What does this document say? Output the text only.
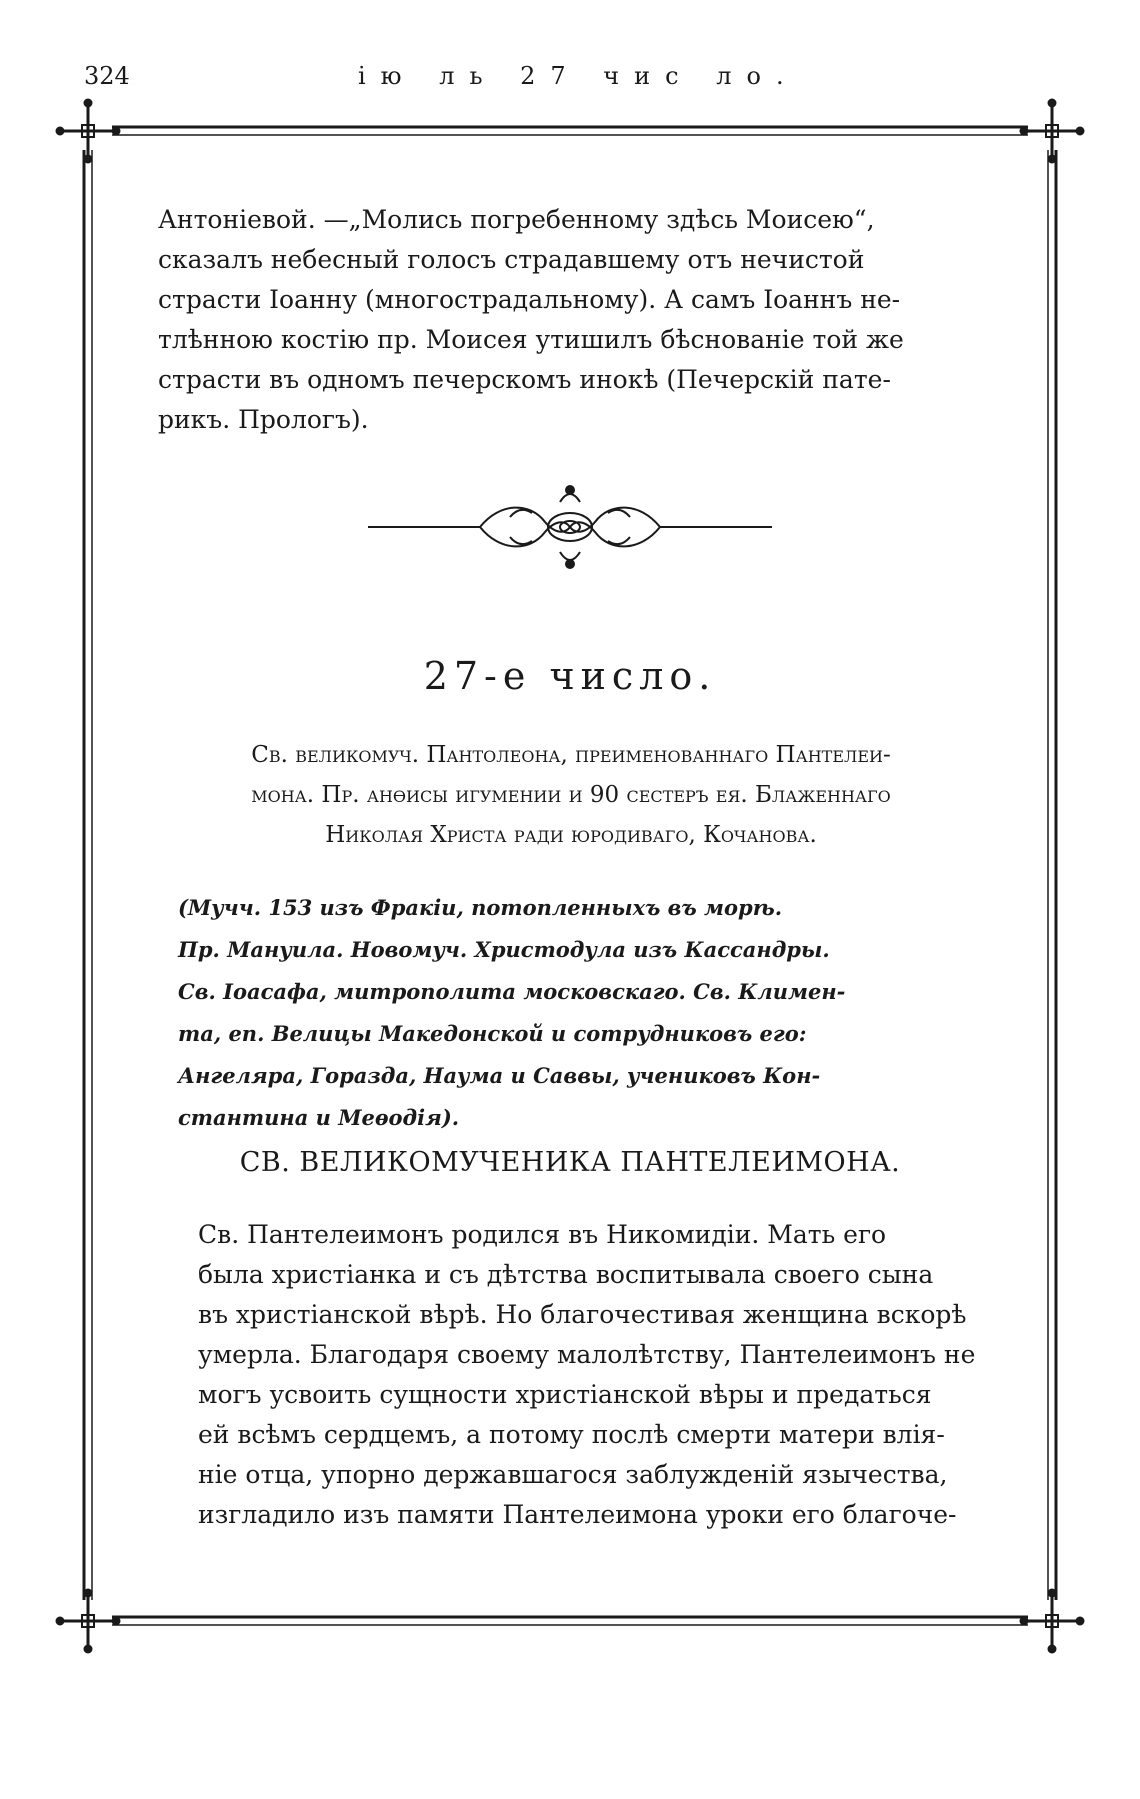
324	ію ль 27 чис ло.
Антоніевой. —„Молись погребенному здѣсь Моисею“,
сказалъ небесный голосъ страдавшему отъ нечистой
страсти Іоанну (многострадальному). А самъ Іоаннъ не-
тлѣнною костію пр. Моисея утишилъ бѣснованіе той же
страсти въ одномъ печерскомъ инокѣ (Печерскій пате-
рикъ. Прологъ).
27-е число.
Св. великомуч. Пантолеона, преименованнаго Пантелеи-
мона. Пр. анѳисы игумении и 90 сестеръ ея. Блаженнаго
Николая Христа ради юродиваго, Кочанова.
(Мучч. 153 изъ Фракіи, потопленныхъ въ морѣ.
Пр. Мануила. Новомуч. Христодула изъ Кассандры.
Св. Іоасафа, митрополита московскаго. Св. Климен-
та, еп. Велицы Македонской и сотрудниковъ его:
Ангеляра, Горазда, Наума и Саввы, учениковъ Кон-
стантина и Меѳодія).
СВ. ВЕЛИКОМУЧЕНИКА ПАНТЕЛЕИМОНА.
Св. Пантелеимонъ родился въ Никомидіи. Мать его
была христіанка и съ дѣтства воспитывала своего сына
въ христіанской вѣрѣ. Но благочестивая женщина вскорѣ
умерла. Благодаря своему малолѣтству, Пантелеимонъ не
могъ усвоить сущности христіанской вѣры и предаться
ей всѣмъ сердцемъ, а потому послѣ смерти матери влія-
ніе отца, упорно державшагося заблужденій язычества,
изгладило изъ памяти Пантелеимона уроки его благоче-
